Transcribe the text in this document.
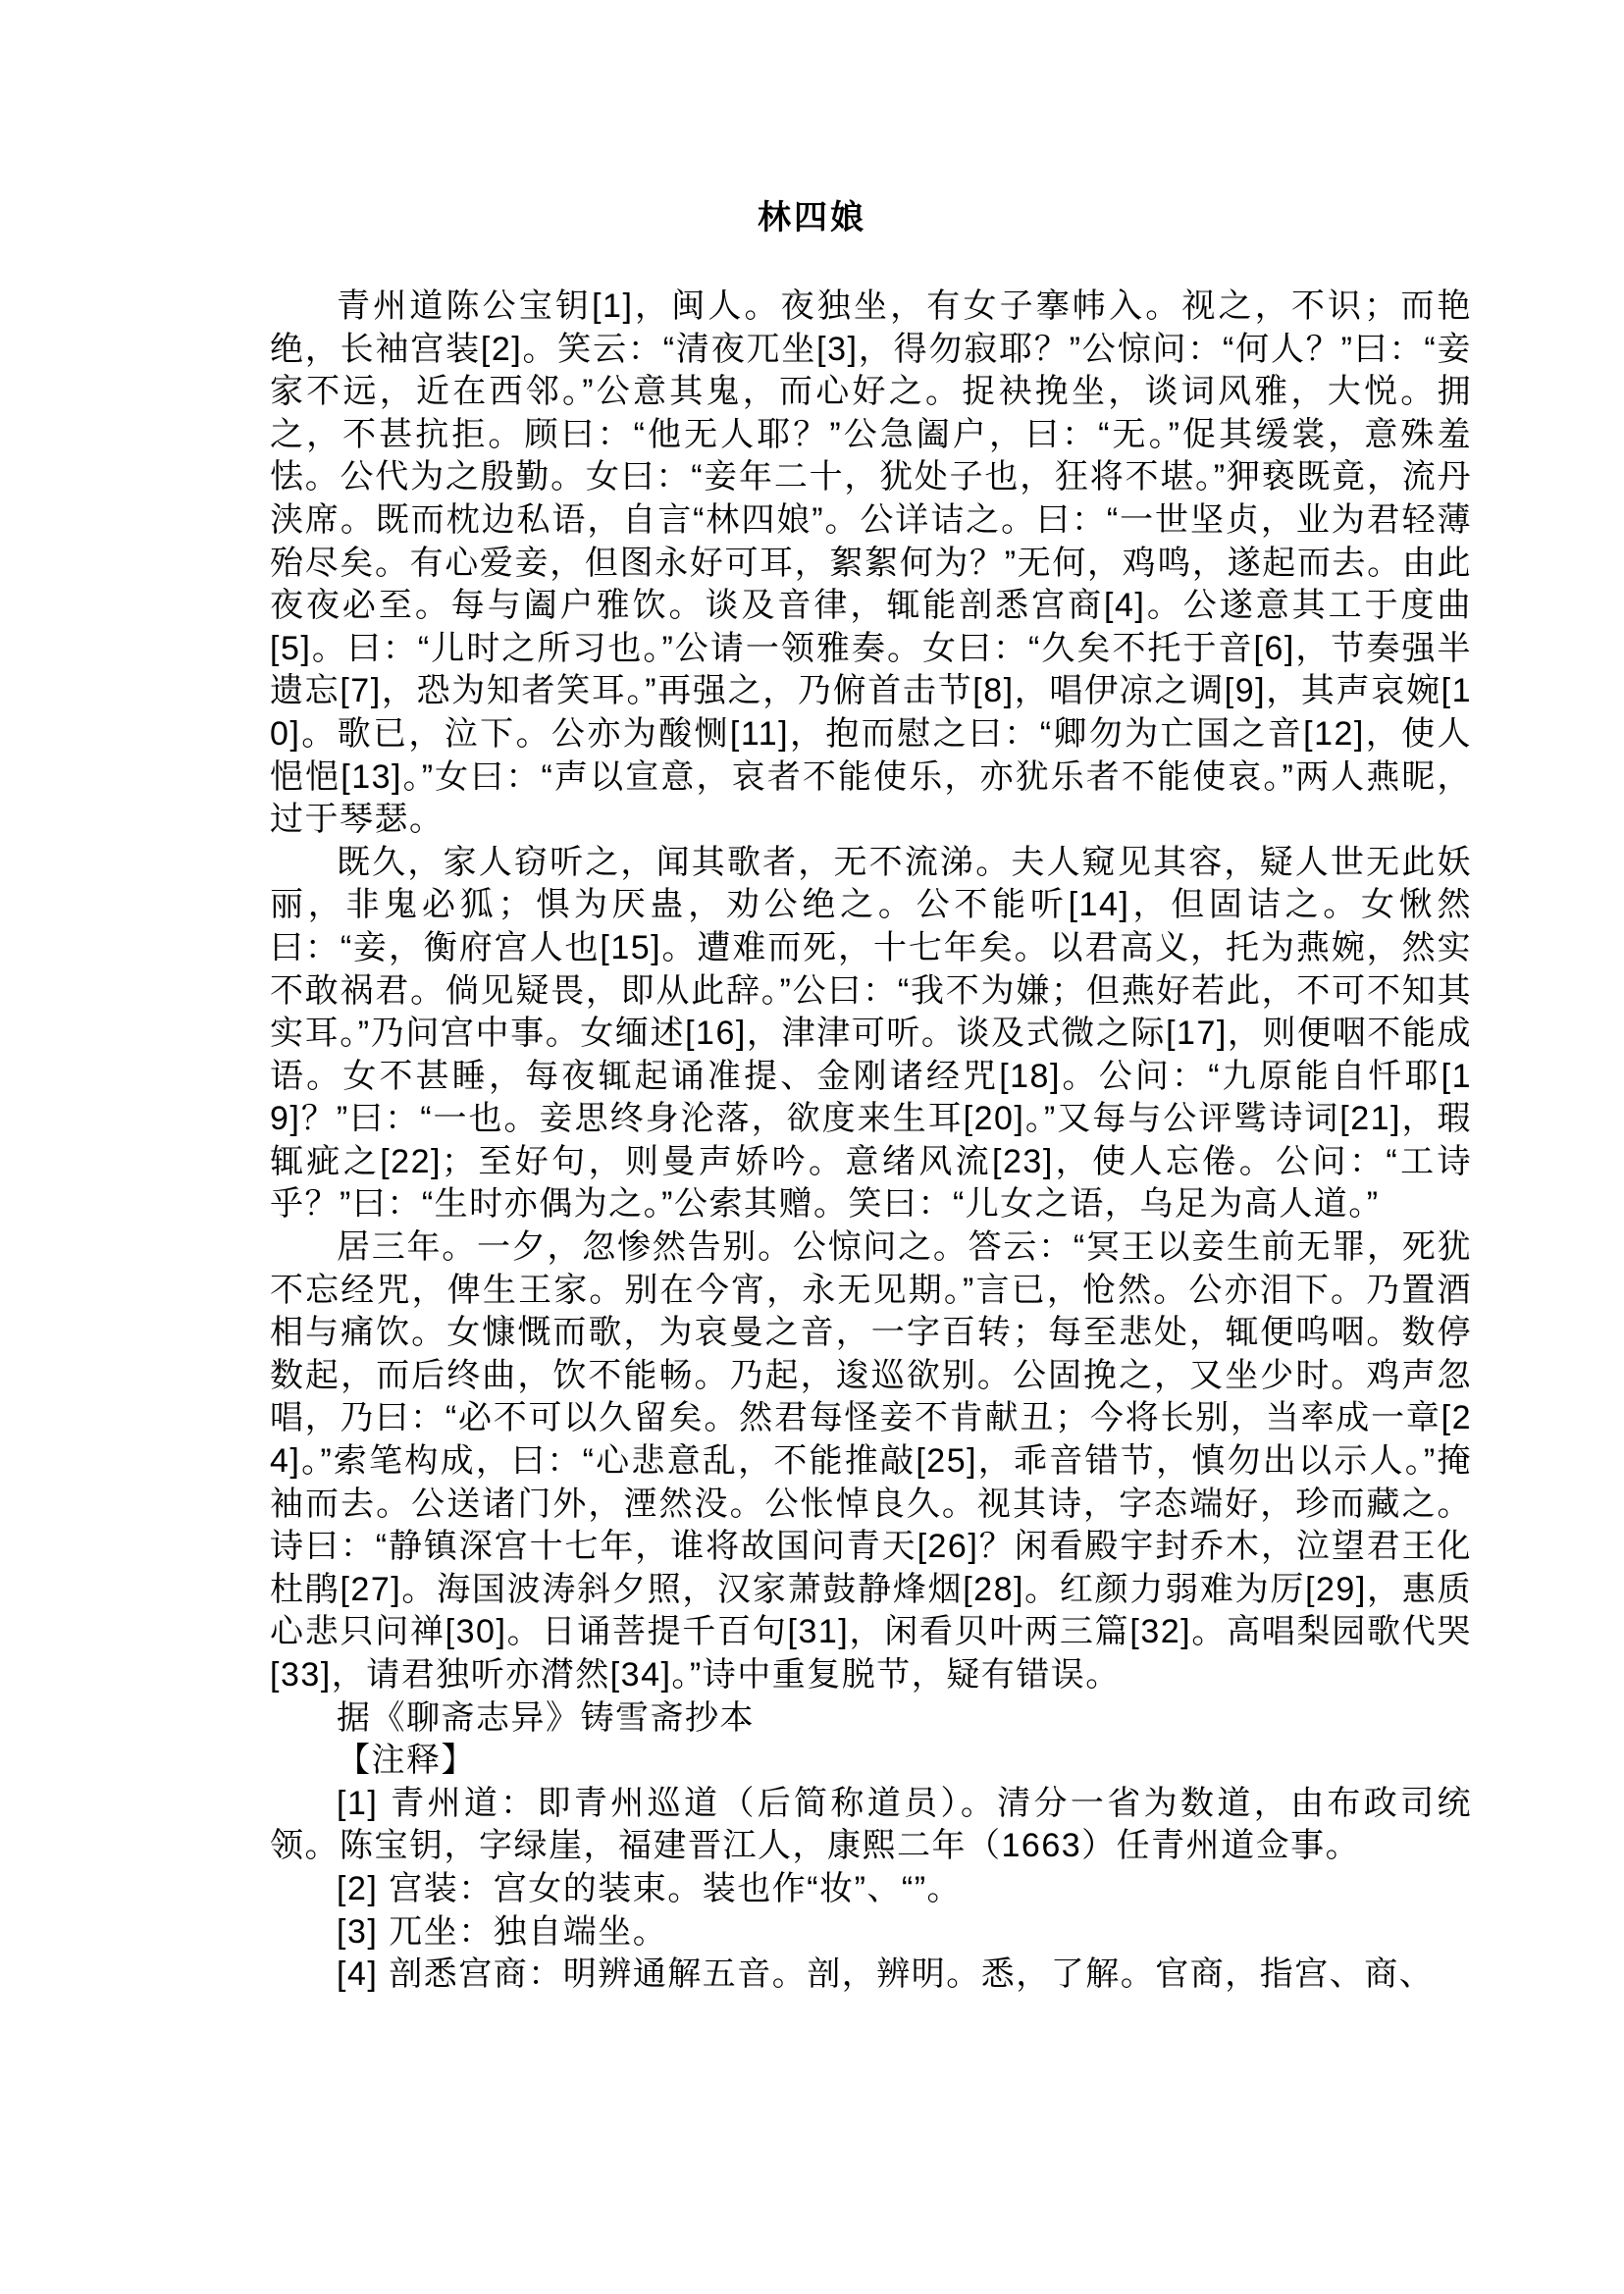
林四娘

青州道陈公宝钥[1]，闽人。夜独坐，有女子搴帏入。视之，不识；而艳绝，长袖宫装[2]。笑云：“清夜兀坐[3]，得勿寂耶？”公惊问：“何人？”曰：“妾家不远，近在西邻。”公意其鬼，而心好之。捉袂挽坐，谈词风雅，大悦。拥之，不甚抗拒。顾曰：“他无人耶？”公急阖户，曰：“无。”促其缓裳，意殊羞怯。公代为之殷勤。女曰：“妾年二十，犹处子也，狂将不堪。”狎亵既竟，流丹浃席。既而枕边私语，自言“林四娘”。公详诘之。曰：“一世坚贞，业为君轻薄殆尽矣。有心爱妾，但图永好可耳，絮絮何为？”无何，鸡鸣，遂起而去。由此夜夜必至。每与阖户雅饮。谈及音律，辄能剖悉宫商[4]。公遂意其工于度曲[5]。曰：“儿时之所习也。”公请一领雅奏。女曰：“久矣不托于音[6]，节奏强半遗忘[7]，恐为知者笑耳。”再强之，乃俯首击节[8]，唱伊凉之调[9]，其声哀婉[10]。歌已，泣下。公亦为酸恻[11]，抱而慰之曰：“卿勿为亡国之音[12]，使人悒悒[13]。”女曰：“声以宣意，哀者不能使乐，亦犹乐者不能使哀。”两人燕昵，过于琴瑟。

既久，家人窃听之，闻其歌者，无不流涕。夫人窥见其容，疑人世无此妖丽，非鬼必狐；惧为厌蛊，劝公绝之。公不能听[14]，但固诘之。女愀然曰：“妾，衡府宫人也[15]。遭难而死，十七年矣。以君高义，托为燕婉，然实不敢祸君。倘见疑畏，即从此辞。”公曰：“我不为嫌；但燕好若此，不可不知其实耳。”乃问宫中事。女缅述[16]，津津可听。谈及式微之际[17]，则便咽不能成语。女不甚睡，每夜辄起诵准提、金刚诸经咒[18]。公问：“九原能自忏耶[19]？”曰：“一也。妾思终身沦落，欲度来生耳[20]。”又每与公评骘诗词[21]，瑕辄疵之[22]；至好句，则曼声娇吟。意绪风流[23]，使人忘倦。公问：“工诗乎？”曰：“生时亦偶为之。”公索其赠。笑曰：“儿女之语，乌足为高人道。”

居三年。一夕，忽惨然告别。公惊问之。答云：“冥王以妾生前无罪，死犹不忘经咒，俾生王家。别在今宵，永无见期。”言已，怆然。公亦泪下。乃置酒相与痛饮。女慷慨而歌，为哀曼之音，一字百转；每至悲处，辄便呜咽。数停数起，而后终曲，饮不能畅。乃起，逡巡欲别。公固挽之，又坐少时。鸡声忽唱，乃曰：“必不可以久留矣。然君每怪妾不肯献丑；今将长别，当率成一章[24]。”索笔构成，曰：“心悲意乱，不能推敲[25]，乖音错节，慎勿出以示人。”掩袖而去。公送诸门外，湮然没。公怅悼良久。视其诗，字态端好，珍而藏之。诗曰：“静镇深宫十七年，谁将故国问青天[26]？闲看殿宇封乔木，泣望君王化杜鹃[27]。海国波涛斜夕照，汉家萧鼓静烽烟[28]。红颜力弱难为厉[29]，惠质心悲只问禅[30]。日诵菩提千百句[31]，闲看贝叶两三篇[32]。高唱梨园歌代哭[33]，请君独听亦潸然[34]。”诗中重复脱节，疑有错误。

据《聊斋志异》铸雪斋抄本

【注释】

[1] 青州道：即青州巡道（后简称道员）。清分一省为数道，由布政司统领。陈宝钥，字绿崖，福建晋江人，康熙二年（1663）任青州道佥事。

[2] 宫装：宫女的装束。装也作“妆”、“”。

[3] 兀坐：独自端坐。

[4] 剖悉宫商：明辨通解五音。剖，辨明。悉，了解。官商，指宫、商、
